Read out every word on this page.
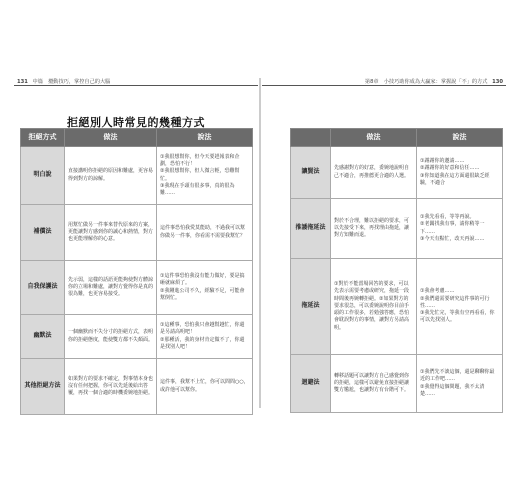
131 中篇　攪動技巧，掌控自己的大腦
拒絕別人時常見的幾種方式
拒絕方式	做法	說法
明白說	直接講明你拒絕的原因和難處，更容易得到對方的諒解。	①我很想幫你，但今天要趕報表和企劃，恐怕不行！
②我很想幫你，但人微言輕，恐難幫忙。
③我現在手頭有很多事，真的很為難……

補償法	用幫忙做另一件事來替代原來的方案，更能讓對方感到你的誠心和熱情，對方也更能理解你的心意。	這件事恐怕我愛莫能助，不過我可以幫你做另一件事，你看需不需要我幫忙？

自我保護法	先示弱，這樣的話語更能夠使對方體諒你的立場和難處，讓對方覺得你是真的很為難，也更容易接受。	①這件事恐怕我沒有能力做好，要是搞砸就麻煩了。
②我剛進公司不久，經驗不足，可能會幫倒忙。

幽默法	一個幽默而不失分寸的拒絕方式，表明你的拒絕態度，能使雙方都不失顏面。	①這種事，恐怕我只會越幫越忙，你還是另請高明吧！
②那種活，我的身材肯定做不了，你還是找別人吧！

其他拒絕方法	如果對方的要求不確定，對事情本身也沒有任何把握，你可以先延後給出答覆，再找一個合適的時機委婉地拒絕。	這件事，我幫不上忙，你可以問問○○，或許他可以幫你。
第8章　小技巧助你成為大贏家：掌握說「不」的方式 130
	做法	說法
讓賢法	先感謝對方的好意，委婉地說明自己不適合，再推薦更合適的人選。	①謝謝你的邀請……
②謝謝你的好意和信任……
③你知道我在這方面還很缺乏經驗，不適合

推諉拖延法	對於不合理，難以拒絕的要求，可以先接受下來，再找理由拖延，讓對方知難而退。	①我先看看，等等再說。
②老闆找我有事，請你稍等一下……
③今天有點忙，改天再說……

拖延法	①對於不能當場回答的要求，可以先表示需要考慮或研究，拖延一段時間後再婉轉拒絕。②如果對方的要求很急，可以委婉說明你目前手頭的工作很多，若勉強答應，恐怕會耽誤對方的事情，讓對方另請高明。	①我會考慮……
②我們還需要研究這件事的可行性……
③我先忙完，等我有空再看看，你可以先找別人。

迴避法	轉移話題可以讓對方自己感覺到你的拒絕，這樣可以避免直接拒絕讓雙方尷尬，也讓對方有台階可下。	①我們先不談這個，還是聊聊你最近的工作吧……
②我覺得這個問題，我不太清楚……
